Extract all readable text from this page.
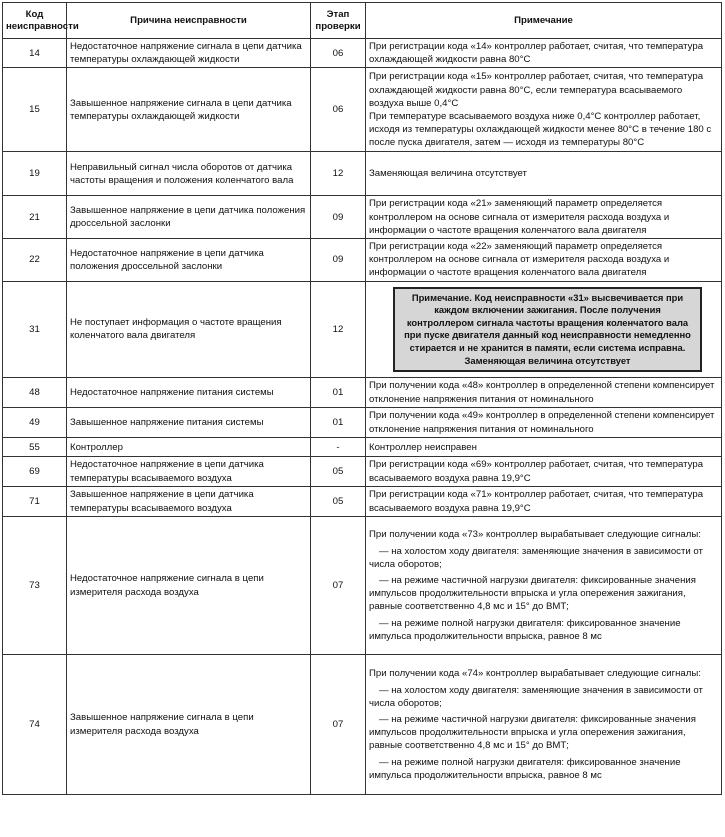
Код неисправности	Причина неисправности	Этап проверки	Примечание
14	Недостаточное напряжение сигнала в цепи датчика температуры охлаждающей жидкости	06	При регистрации кода «14» контроллер работает, считая, что температура охлаждающей жидкости равна 80°С

15	Завышенное напряжение сигнала в цепи датчика температуры охлаждающей жидкости	06	При регистрации кода «15» контроллер работает, считая, что температура охлаждающей жидкости равна 80°С, если температура всасываемого воздуха выше 0,4°С
При температуре всасываемого воздуха ниже 0,4°С контроллер работает, исходя из температуры охлаждающей жидкости менее 80°С в течение 180 с после пуска двигателя, затем — исходя из температуры 80°С

19	Неправильный сигнал числа оборотов от датчика частоты вращения и положения коленчатого вала	12	Заменяющая величина отсутствует

21	Завышенное напряжение в цепи датчика положения дроссельной заслонки	09	При регистрации кода «21» заменяющий параметр определяется контроллером на основе сигнала от измерителя расхода воздуха и информации о частоте вращения коленчатого вала двигателя

22	Недостаточное напряжение в цепи датчика положения дроссельной заслонки	09	При регистрации кода «22» заменяющий параметр определяется контроллером на основе сигнала от измерителя расхода воздуха и информации о частоте вращения коленчатого вала двигателя

31	Не поступает информация о частоте вращения коленчатого вала двигателя	12	Примечание. Код неисправности «31» высвечивается при каждом включении зажигания. После получения контроллером сигнала частоты вращения коленчатого вала при пуске двигателя данный код неисправности немедленно стирается и не хранится в памяти, если система исправна. Заменяющая величина отсутствует

48	Недостаточное напряжение питания системы	01	При получении кода «48» контроллер в определенной степени компенсирует отклонение напряжения питания от номинального

49	Завышенное напряжение питания системы	01	При получении кода «49» контроллер в определенной степени компенсирует отклонение напряжения питания от номинального

55	Контроллер	-	Контроллер неисправен

69	Недостаточное напряжение в цепи датчика температуры всасываемого воздуха	05	При регистрации кода «69» контроллер работает, считая, что температура всасываемого воздуха равна 19,9°С

71	Завышенное напряжение в цепи датчика температуры всасываемого воздуха	05	При регистрации кода «71» контроллер работает, считая, что температура всасываемого воздуха равна 19,9°С

73	Недостаточное напряжение сигнала в цепи измерителя расхода воздуха	07	При получении кода «73» контроллер вырабатывает следующие сигналы:
— на холостом ходу двигателя: заменяющие значения в зависимости от числа оборотов;
— на режиме частичной нагрузки двигателя: фиксированные значения импульсов продолжительности впрыска и угла опережения зажигания, равные соответственно 4,8 мс и 15° до ВМТ;
— на режиме полной нагрузки двигателя: фиксированное значение импульса продолжительности впрыска, равное 8 мс

74	Завышенное напряжение сигнала в цепи измерителя расхода воздуха	07	При получении кода «74» контроллер вырабатывает следующие сигналы:
— на холостом ходу двигателя: заменяющие значения в зависимости от числа оборотов;
— на режиме частичной нагрузки двигателя: фиксированные значения импульсов продолжительности впрыска и угла опережения зажигания, равные соответственно 4,8 мс и 15° до ВМТ;
— на режиме полной нагрузки двигателя: фиксированное значение импульса продолжительности впрыска, равное 8 мс
